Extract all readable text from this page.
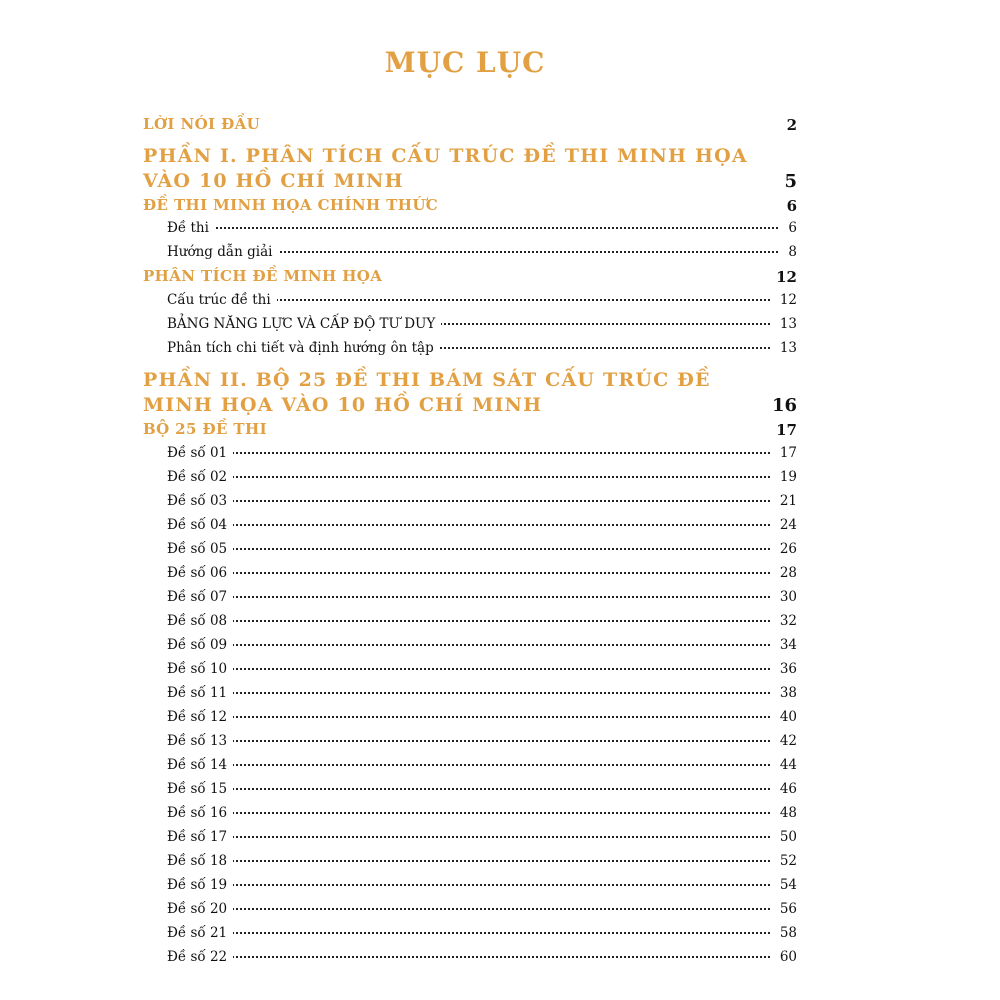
MỤC LỤC
LỜI NÓI ĐẦU	2
PHẦN I. PHÂN TÍCH CẤU TRÚC ĐỀ THI MINH HỌA VÀO 10 HỒ CHÍ MINH	5
ĐỀ THI MINH HỌA CHÍNH THỨC	6
Đề thi	6
Hướng dẫn giải	8
PHÂN TÍCH ĐỀ MINH HỌA	12
Cấu trúc đề thi	12
BẢNG NĂNG LỰC VÀ CẤP ĐỘ TƯ DUY	13
Phân tích chi tiết và định hướng ôn tập	13
PHẦN II. BỘ 25 ĐỀ THI BÁM SÁT CẤU TRÚC ĐỀ MINH HỌA VÀO 10 HỒ CHÍ MINH	16
BỘ 25 ĐỀ THI	17
Đề số 01	17
Đề số 02	19
Đề số 03	21
Đề số 04	24
Đề số 05	26
Đề số 06	28
Đề số 07	30
Đề số 08	32
Đề số 09	34
Đề số 10	36
Đề số 11	38
Đề số 12	40
Đề số 13	42
Đề số 14	44
Đề số 15	46
Đề số 16	48
Đề số 17	50
Đề số 18	52
Đề số 19	54
Đề số 20	56
Đề số 21	58
Đề số 22	60
